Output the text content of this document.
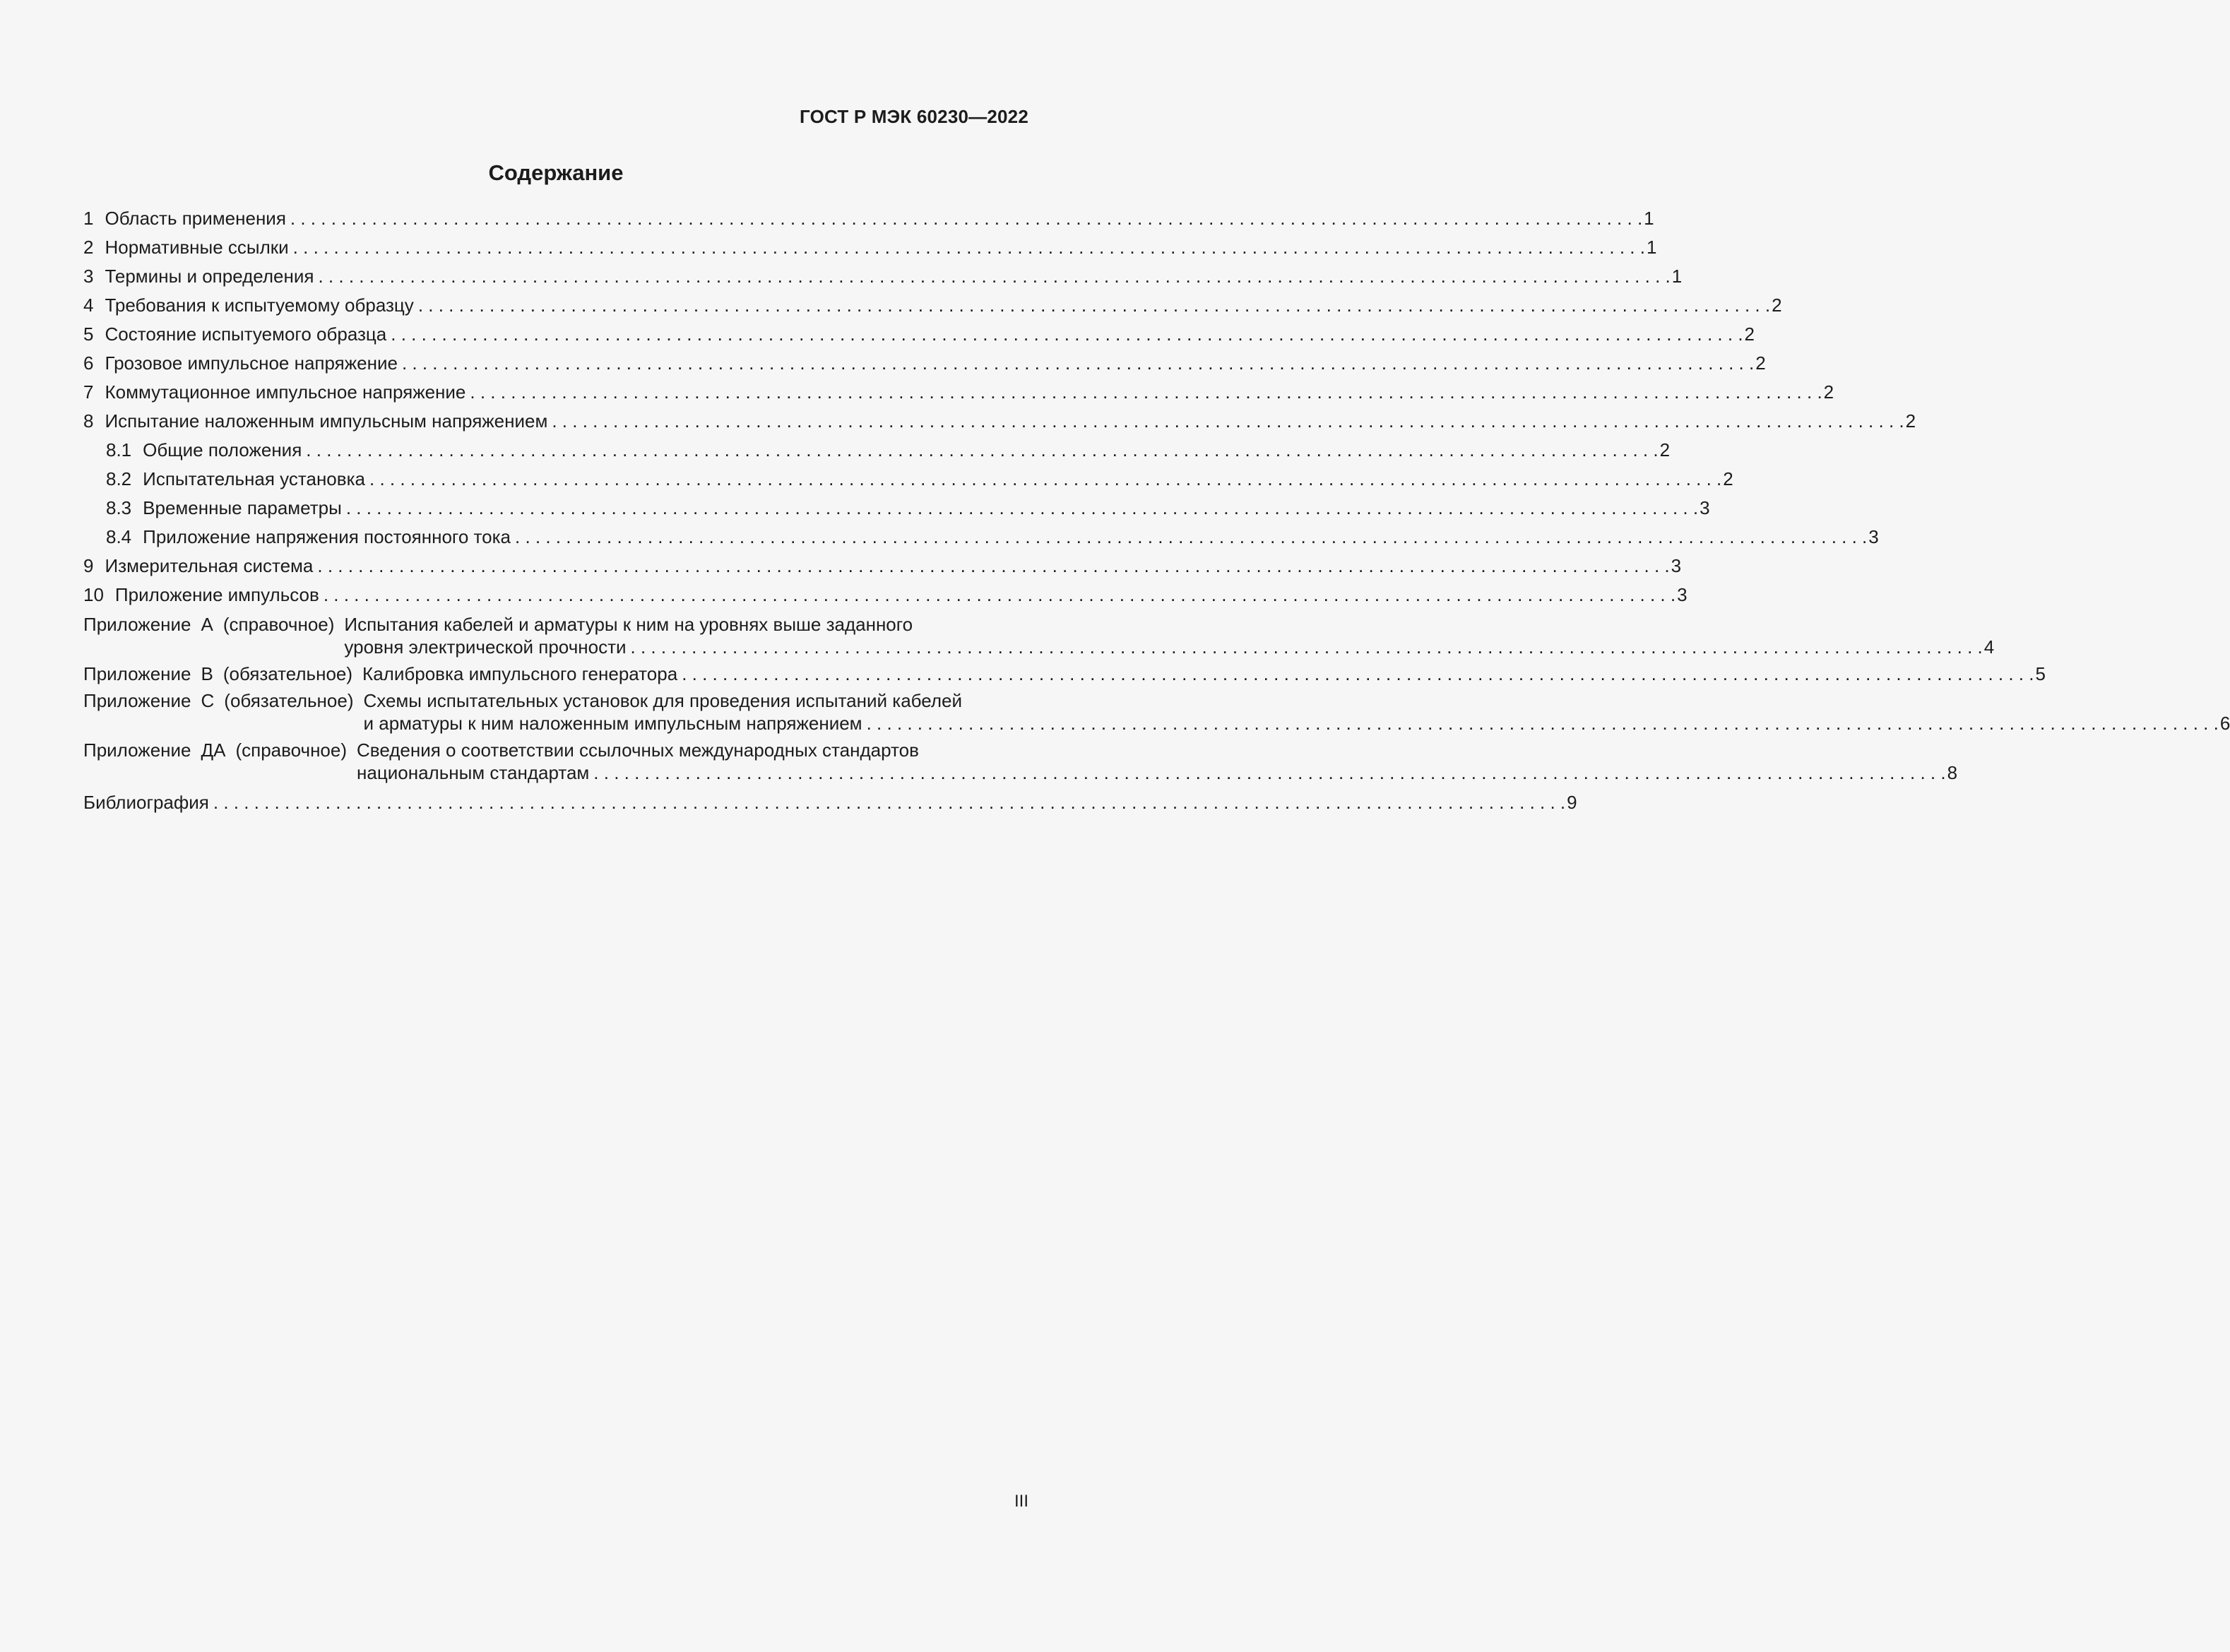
ГОСТ Р МЭК 60230—2022
Содержание
1 Область применения . . .	1
2 Нормативные ссылки . . .	1
3 Термины и определения . . .	1
4 Требования к испытуемому образцу . . .	2
5 Состояние испытуемого образца . . .	2
6 Грозовое импульсное напряжение . . .	2
7 Коммутационное импульсное напряжение . . .	2
8 Испытание наложенным импульсным напряжением . . .	2
8.1 Общие положения . . .	2
8.2 Испытательная установка . . .	2
8.3 Временные параметры . . .	3
8.4 Приложение напряжения постоянного тока . . .	3
9 Измерительная система . . .	3
10 Приложение импульсов . . .	3
Приложение А (справочное) Испытания кабелей и арматуры к ним на уровнях выше заданного
уровня электрической прочности . . .	4
Приложение В (обязательное) Калибровка импульсного генератора . . .	5
Приложение С (обязательное) Схемы испытательных установок для проведения испытаний кабелей
и арматуры к ним наложенным импульсным напряжением . . .	6
Приложение ДА (справочное) Сведения о соответствии ссылочных международных стандартов
национальным стандартам . . .	8
Библиография . . .	9
III
